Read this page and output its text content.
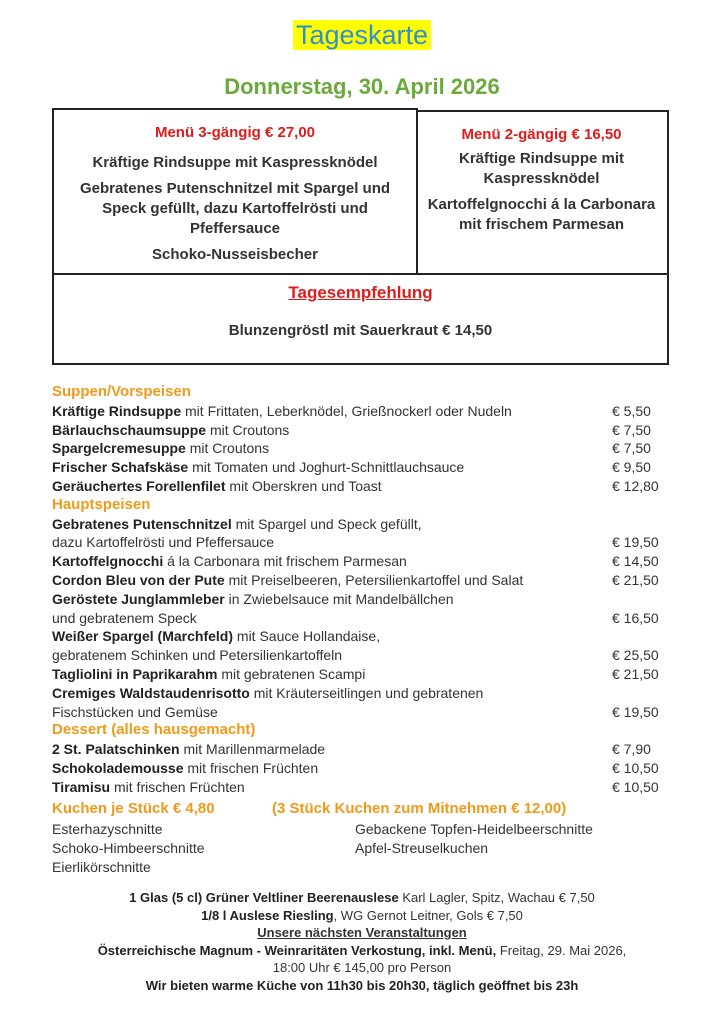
Tageskarte
Donnerstag, 30. April 2026
Menü 3-gängig € 27,00
Kräftige Rindsuppe mit Kaspressknödel
Gebratenes Putenschnitzel mit Spargel und Speck gefüllt, dazu Kartoffelrösti und Pfeffersauce
Schoko-Nusseisbecher
Menü 2-gängig € 16,50
Kräftige Rindsuppe mit Kaspressknödel
Kartoffelgnocchi á la Carbonara mit frischem Parmesan
Tagesempfehlung
Blunzengröstl mit Sauerkraut € 14,50
Suppen/Vorspeisen
Kräftige Rindsuppe mit Frittaten, Leberknödel, Grießnockerl oder Nudeln	€ 5,50
Bärlauchschaumsuppe mit Croutons	€ 7,50
Spargelcremesuppe mit Croutons	€ 7,50
Frischer Schafskäse mit Tomaten und Joghurt-Schnittlauchsauce	€ 9,50
Geräuchertes Forellenfilet mit Oberskren und Toast	€ 12,80
Hauptspeisen
Gebratenes Putenschnitzel mit Spargel und Speck gefüllt,
dazu Kartoffelrösti und Pfeffersauce	€ 19,50
Kartoffelgnocchi á la Carbonara mit frischem Parmesan	€ 14,50
Cordon Bleu von der Pute mit Preiselbeeren, Petersilienkartoffel und Salat	€ 21,50
Geröstete Junglammleber in Zwiebelsauce mit Mandelbällchen
und gebratenem Speck	€ 16,50
Weißer Spargel (Marchfeld) mit Sauce Hollandaise,
gebratenem Schinken und Petersilienkartoffeln	€ 25,50
Tagliolini in Paprikarahm mit gebratenen Scampi	€ 21,50
Cremiges Waldstaudenrisotto mit Kräuterseitlingen und gebratenen
Fischstücken und Gemüse	€ 19,50
Dessert (alles hausgemacht)
2 St. Palatschinken mit Marillenmarmelade	€ 7,90
Schokolademousse mit frischen Früchten	€ 10,50
Tiramisu mit frischen Früchten	€ 10,50
Kuchen je Stück € 4,80	(3 Stück Kuchen zum Mitnehmen € 12,00)
Esterhazyschnitte
Schoko-Himbeerschnitte
Eierlikörschnitte
Gebackene Topfen-Heidelbeerschnitte
Apfel-Streuselkuchen
1 Glas (5 cl) Grüner Veltliner Beerenauslese Karl Lagler, Spitz, Wachau € 7,50
1/8 l Auslese Riesling, WG Gernot Leitner, Gols € 7,50
Unsere nächsten Veranstaltungen
Österreichische Magnum - Weinraritäten Verkostung, inkl. Menü, Freitag, 29. Mai 2026,
18:00 Uhr € 145,00 pro Person
Wir bieten warme Küche von 11h30 bis 20h30, täglich geöffnet bis 23h
